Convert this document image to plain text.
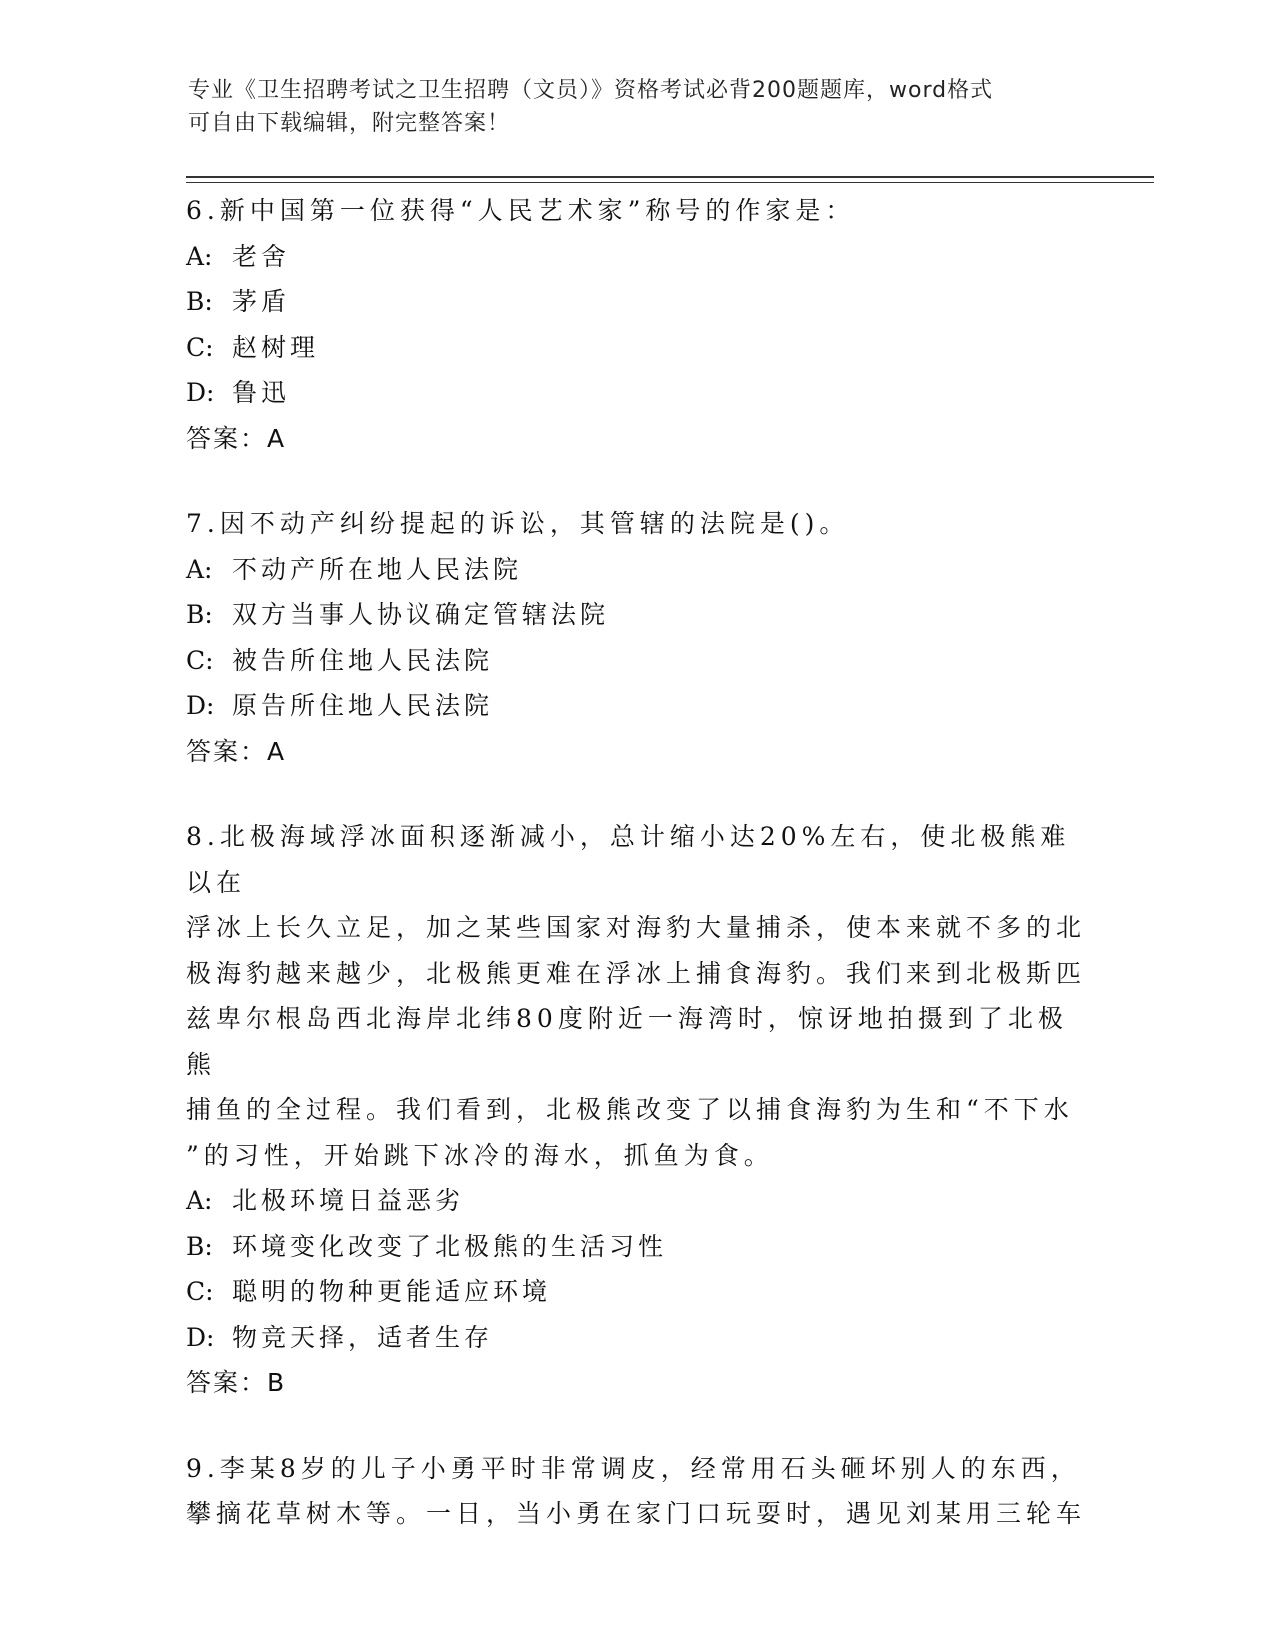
专业《卫生招聘考试之卫生招聘（文员）》资格考试必背200题题库，word格式
可自由下载编辑，附完整答案！

6.新中国第一位获得“人民艺术家”称号的作家是：

A: 老舍

B: 茅盾

C: 赵树理

D: 鲁迅

答案：A

7.因不动产纠纷提起的诉讼，其管辖的法院是()。

A: 不动产所在地人民法院

B: 双方当事人协议确定管辖法院

C: 被告所住地人民法院

D: 原告所住地人民法院

答案：A

8.北极海域浮冰面积逐渐减小，总计缩小达20%左右，使北极熊难以在

浮冰上长久立足，加之某些国家对海豹大量捕杀，使本来就不多的北

极海豹越来越少，北极熊更难在浮冰上捕食海豹。我们来到北极斯匹

兹卑尔根岛西北海岸北纬80度附近一海湾时，惊讶地拍摄到了北极熊

捕鱼的全过程。我们看到，北极熊改变了以捕食海豹为生和“不下水

”的习性，开始跳下冰冷的海水，抓鱼为食。

A: 北极环境日益恶劣

B: 环境变化改变了北极熊的生活习性

C: 聪明的物种更能适应环境

D: 物竞天择，适者生存

答案：B

9.李某8岁的儿子小勇平时非常调皮，经常用石头砸坏别人的东西，

攀摘花草树木等。一日，当小勇在家门口玩耍时，遇见刘某用三轮车
